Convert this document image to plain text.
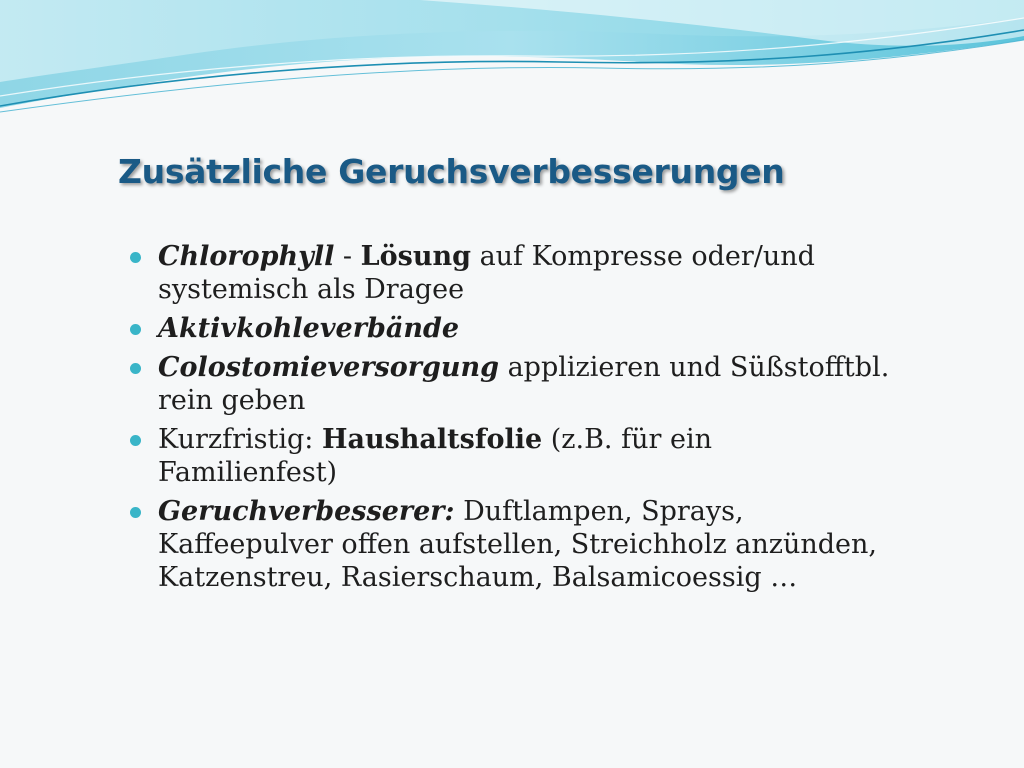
Zusätzliche Geruchsverbesserungen
Chlorophyll - Lösung auf Kompresse oder/und systemisch als Dragee
Aktivkohleverbände
Colostomieversorgung applizieren und Süßstofftbl. rein geben
Kurzfristig: Haushaltsfolie (z.B. für ein Familienfest)
Geruchverbesserer: Duftlampen, Sprays, Kaffeepulver offen aufstellen, Streichholz anzünden, Katzenstreu, Rasierschaum, Balsamicoessig …
